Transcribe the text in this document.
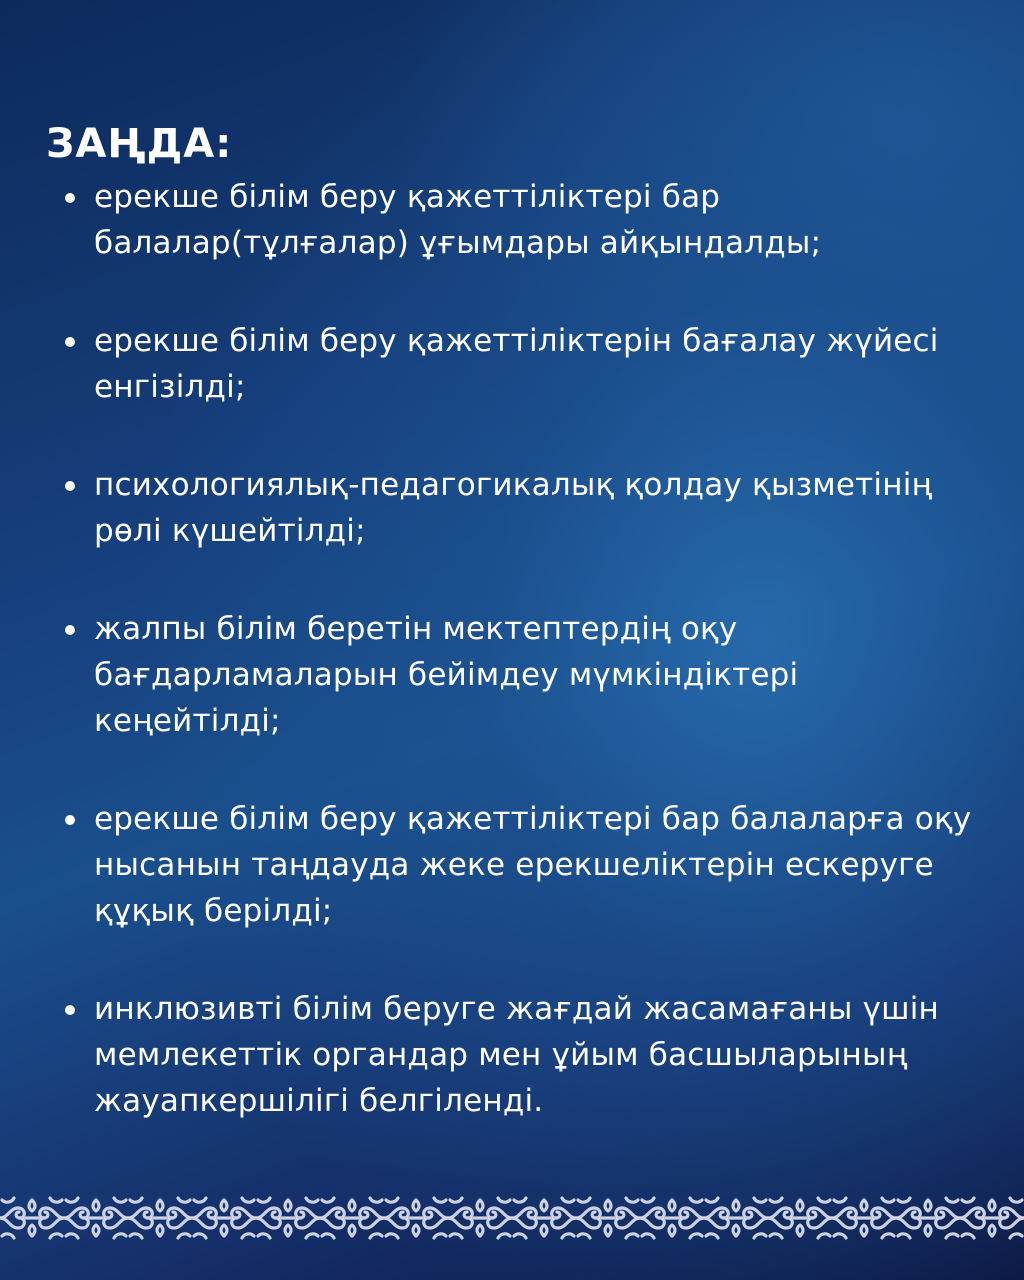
ЗАҢДА:
ерекше білім беру қажеттіліктері бар балалар(тұлғалар) ұғымдары айқындалды;
ерекше білім беру қажеттіліктерін бағалау жүйесі енгізілді;
психологиялық-педагогикалық қолдау қызметінің рөлі күшейтілді;
жалпы білім беретін мектептердің оқу бағдарламаларын бейімдеу мүмкіндіктері кеңейтілді;
ерекше білім беру қажеттіліктері бар балаларға оқу нысанын таңдауда жеке ерекшеліктерін ескеруге құқық берілді;
инклюзивті білім беруге жағдай жасамағаны үшін мемлекеттік органдар мен ұйым басшыларының жауапкершілігі белгіленді.
